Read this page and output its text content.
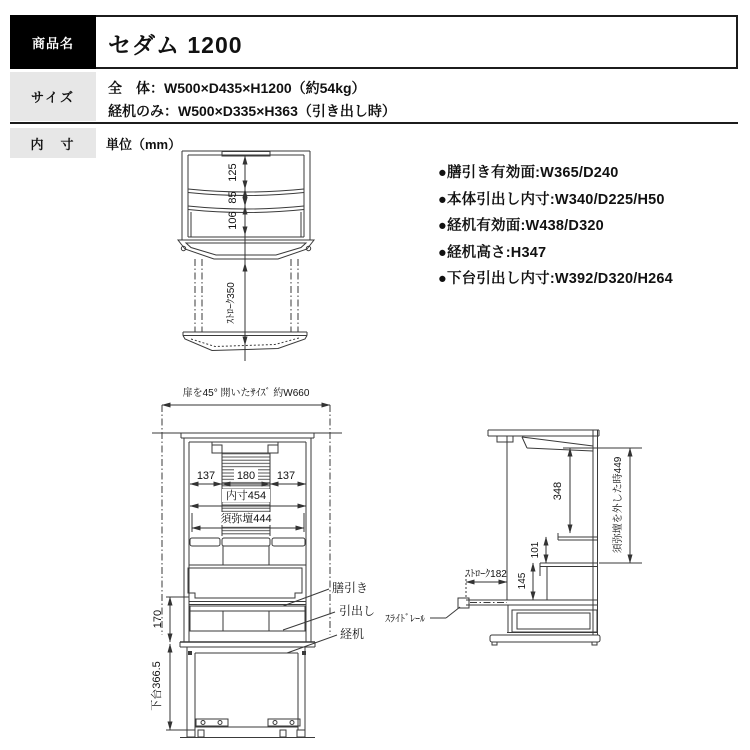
商品名 セダム 1200
サイズ
全　体：W500×D435×H1200（約54kg）
経机のみ：W500×D335×H363（引き出し時）
内　寸 単位（mm）
●膳引き有効面:W365/D240
●本体引出し内寸:W340/D225/H50
●経机有効面:W438/D320
●経机高さ:H347
●下台引出し内寸:W392/D320/H264
125
85
106
ｽﾄﾛｰｸ350
扉を45° 開いたｻｲｽﾞ 約W660
137 180 137
内寸454
須弥壇444
170
下台366.5
膳引き
引出し
経机
348	須弥壇を外した時449
101
145
ｽﾄﾛｰｸ182
ｽﾗｲﾄﾞﾚｰﾙ
